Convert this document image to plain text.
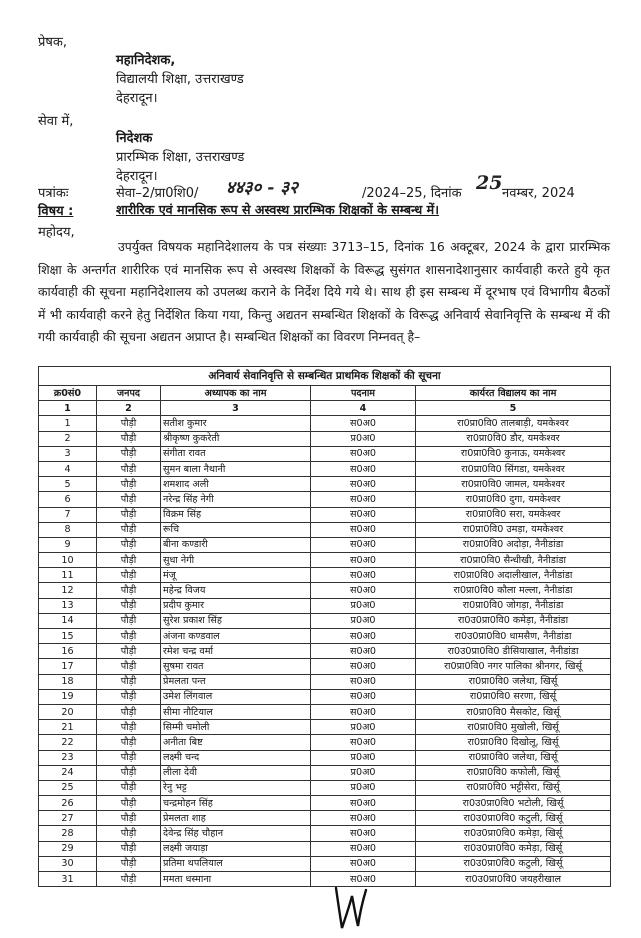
प्रेषक,
महानिदेशक,
विद्यालयी शिक्षा, उत्तराखण्ड
देहरादून।
सेवा में,
निदेशक
प्रारम्भिक शिक्षा, उत्तराखण्ड
देहरादून।
पत्रांकः	सेवा–2/प्रा0शि0/ ४४३० - ३२	/2024–25, दिनांक 25 नवम्बर, 2024
विषय :	शारीरिक एवं मानसिक रूप से अस्वस्थ प्रारम्भिक शिक्षकों के सम्बन्ध में।
महोदय,
उपर्युक्त विषयक महानिदेशालय के पत्र संख्याः 3713–15, दिनांक 16 अक्टूबर, 2024 के द्वारा प्रारम्भिक शिक्षा के अन्तर्गत शारीरिक एवं मानसिक रूप से अस्वस्थ शिक्षकों के विरूद्ध सुसंगत शासनादेशानुसार कार्यवाही करते हुये कृत कार्यवाही की सूचना महानिदेशालय को उपलब्ध कराने के निर्देश दिये गये थे। साथ ही इस सम्बन्ध में दूरभाष एवं विभागीय बैठकों में भी कार्यवाही करने हेतु निर्देशित किया गया, किन्तु अद्यतन सम्बन्धित शिक्षकों के विरूद्ध अनिवार्य सेवानिवृत्ति के सम्बन्ध में की गयी कार्यवाही की सूचना अद्यतन अप्राप्त है। सम्बन्धित शिक्षकों का विवरण निम्नवत् है–
अनिवार्य सेवानिवृत्ति से सम्बन्धित प्राथमिक शिक्षकों की सूचना				
क्र0सं0	जनपद	अध्यापक का नाम	पदनाम	कार्यरत विद्यालय का नाम
1	2	3	4	5
1	पौड़ी	सतीश कुमार	स0अ0	रा0प्रा0वि0 तालबाड़ी, यमकेश्वर
2	पौड़ी	श्रीकृष्ण कुकरेती	प्र0अ0	रा0प्रा0वि0 डौर, यमकेश्वर
3	पौड़ी	संगीता रावत	स0अ0	रा0प्रा0वि0 कुनाऊ, यमकेश्वर
4	पौड़ी	सुमन बाला नैथानी	स0अ0	रा0प्रा0वि0 सिंगडा, यमकेश्वर
5	पौड़ी	शमशाद अली	स0अ0	रा0प्रा0वि0 जामल, यमकेश्वर
6	पौड़ी	नरेन्द्र सिंह नेगी	स0अ0	रा0प्रा0वि0 दुगा, यमकेश्वर
7	पौड़ी	विक्रम सिंह	स0अ0	रा0प्रा0वि0 सरा, यमकेश्वर
8	पौड़ी	रूचि	स0अ0	रा0प्रा0वि0 उमड़ा, यमकेश्वर
9	पौड़ी	बीना कण्डारी	स0अ0	रा0प्रा0वि0 अदोड़ा, नैनीडांडा
10	पौड़ी	सुधा नेगी	स0अ0	रा0प्रा0वि0 सैन्धीखी, नैनीडांडा
11	पौड़ी	मंजू	स0अ0	रा0प्रा0वि0 अदालीखाल, नैनीडांडा
12	पौड़ी	महेन्द्र विजय	स0अ0	रा0प्रा0वि0 कौला मल्ला, नैनीडांडा
13	पौड़ी	प्रदीप कुमार	प्र0अ0	रा0प्रा0वि0 जोगड़ा, नैनीडांडा
14	पौड़ी	सुरेश प्रकाश सिंह	प्र0अ0	रा0उ0प्रा0वि0 कमेड़ा, नैनीडांडा
15	पौड़ी	अंजना कण्डवाल	स0अ0	रा0उ0प्रा0वि0 धामसैण, नैनीडांडा
16	पौड़ी	रमेश चन्द्र वर्मा	स0अ0	रा0उ0प्रा0वि0 डीसियाखाल, नैनीडांडा
17	पौड़ी	सुषमा रावत	स0अ0	रा0प्रा0वि0 नगर पालिका श्रीनगर, खिर्सू
18	पौड़ी	प्रेमलता पन्त	स0अ0	रा0प्रा0वि0 जलेथा, खिर्सू
19	पौड़ी	उमेश लिंगवाल	स0अ0	रा0प्रा0वि0 सरणा, खिर्सू
20	पौड़ी	सीमा नौटियाल	स0अ0	रा0प्रा0वि0 मैसकोट, खिर्सू
21	पौड़ी	सिम्मी चमोली	प्र0अ0	रा0प्रा0वि0 मुखोली, खिर्सू
22	पौड़ी	अनीता बिष्ट	स0अ0	रा0प्रा0वि0 दिखोलू, खिर्सू
23	पौड़ी	लक्ष्मी चन्द	प्र0अ0	रा0प्रा0वि0 जलेथा, खिर्सू
24	पौड़ी	लीला देवी	प्र0अ0	रा0प्रा0वि0 कफोली, खिर्सू
25	पौड़ी	रेनु भट्ट	प्र0अ0	रा0प्रा0वि0 भट्टीसेरा, खिर्सू
26	पौड़ी	चन्द्रमोहन सिंह	स0अ0	रा0उ0प्रा0वि0 भटोली, खिर्सू
27	पौड़ी	प्रेमलता शाह	स0अ0	रा0उ0प्रा0वि0 कटुली, खिर्सू
28	पौड़ी	देवेन्द्र सिंह चौहान	स0अ0	रा0उ0प्रा0वि0 कमेड़ा, खिर्सू
29	पौड़ी	लक्ष्मी जयाड़ा	स0अ0	रा0उ0प्रा0वि0 कमेड़ा, खिर्सू
30	पौड़ी	प्रतिमा थपलियाल	स0अ0	रा0उ0प्रा0वि0 कटुली, खिर्सू
31	पौड़ी	ममता धस्माना	स0अ0	रा0उ0प्रा0वि0 जयहरीखाल
